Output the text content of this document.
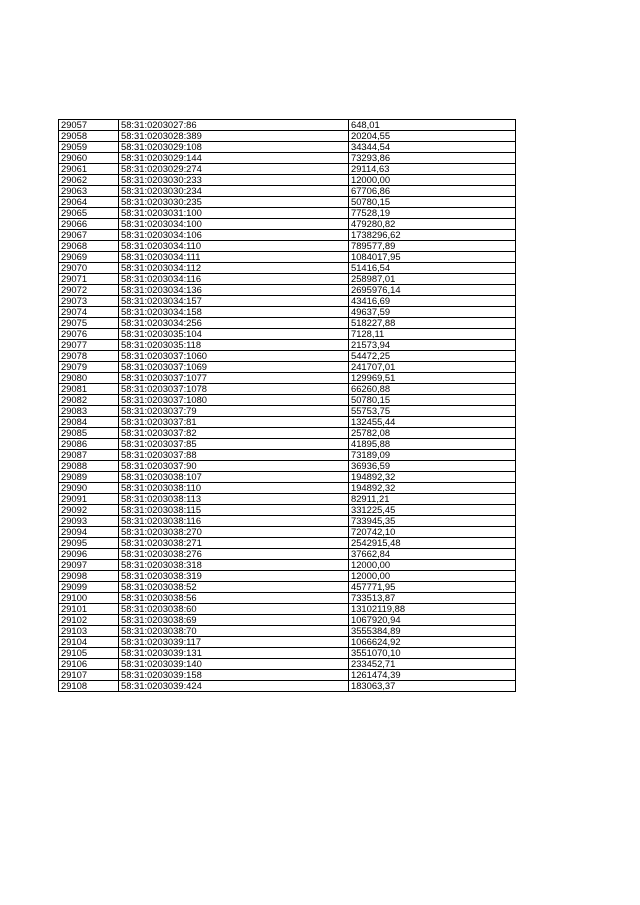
29057	58:31:0203027:86	648,01
29058	58:31:0203028:389	20204,55
29059	58:31:0203029:108	34344,54
29060	58:31:0203029:144	73293,86
29061	58:31:0203029:274	29114,63
29062	58:31:0203030:233	12000,00
29063	58:31:0203030:234	67706,86
29064	58:31:0203030:235	50780,15
29065	58:31:0203031:100	77528,19
29066	58:31:0203034:100	479280,82
29067	58:31:0203034:106	1738296,62
29068	58:31:0203034:110	789577,89
29069	58:31:0203034:111	1084017,95
29070	58:31:0203034:112	51416,54
29071	58:31:0203034:116	258987,01
29072	58:31:0203034:136	2695976,14
29073	58:31:0203034:157	43416,69
29074	58:31:0203034:158	49637,59
29075	58:31:0203034:256	518227,88
29076	58:31:0203035:104	7128,11
29077	58:31:0203035:118	21573,94
29078	58:31:0203037:1060	54472,25
29079	58:31:0203037:1069	241707,01
29080	58:31:0203037:1077	129969,51
29081	58:31:0203037:1078	66260,88
29082	58:31:0203037:1080	50780,15
29083	58:31:0203037:79	55753,75
29084	58:31:0203037:81	132455,44
29085	58:31:0203037:82	25782,08
29086	58:31:0203037:85	41895,88
29087	58:31:0203037:88	73189,09
29088	58:31:0203037:90	36936,59
29089	58:31:0203038:107	194892,32
29090	58:31:0203038:110	194892,32
29091	58:31:0203038:113	82911,21
29092	58:31:0203038:115	331225,45
29093	58:31:0203038:116	733945,35
29094	58:31:0203038:270	720742,10
29095	58:31:0203038:271	2542915,48
29096	58:31:0203038:276	37662,84
29097	58:31:0203038:318	12000,00
29098	58:31:0203038:319	12000,00
29099	58:31:0203038:52	457771,95
29100	58:31:0203038:56	733513,87
29101	58:31:0203038:60	13102119,88
29102	58:31:0203038:69	1067920,94
29103	58:31:0203038:70	3555384,89
29104	58:31:0203039:117	1066624,92
29105	58:31:0203039:131	3551070,10
29106	58:31:0203039:140	233452,71
29107	58:31:0203039:158	1261474,39
29108	58:31:0203039:424	183063,37
